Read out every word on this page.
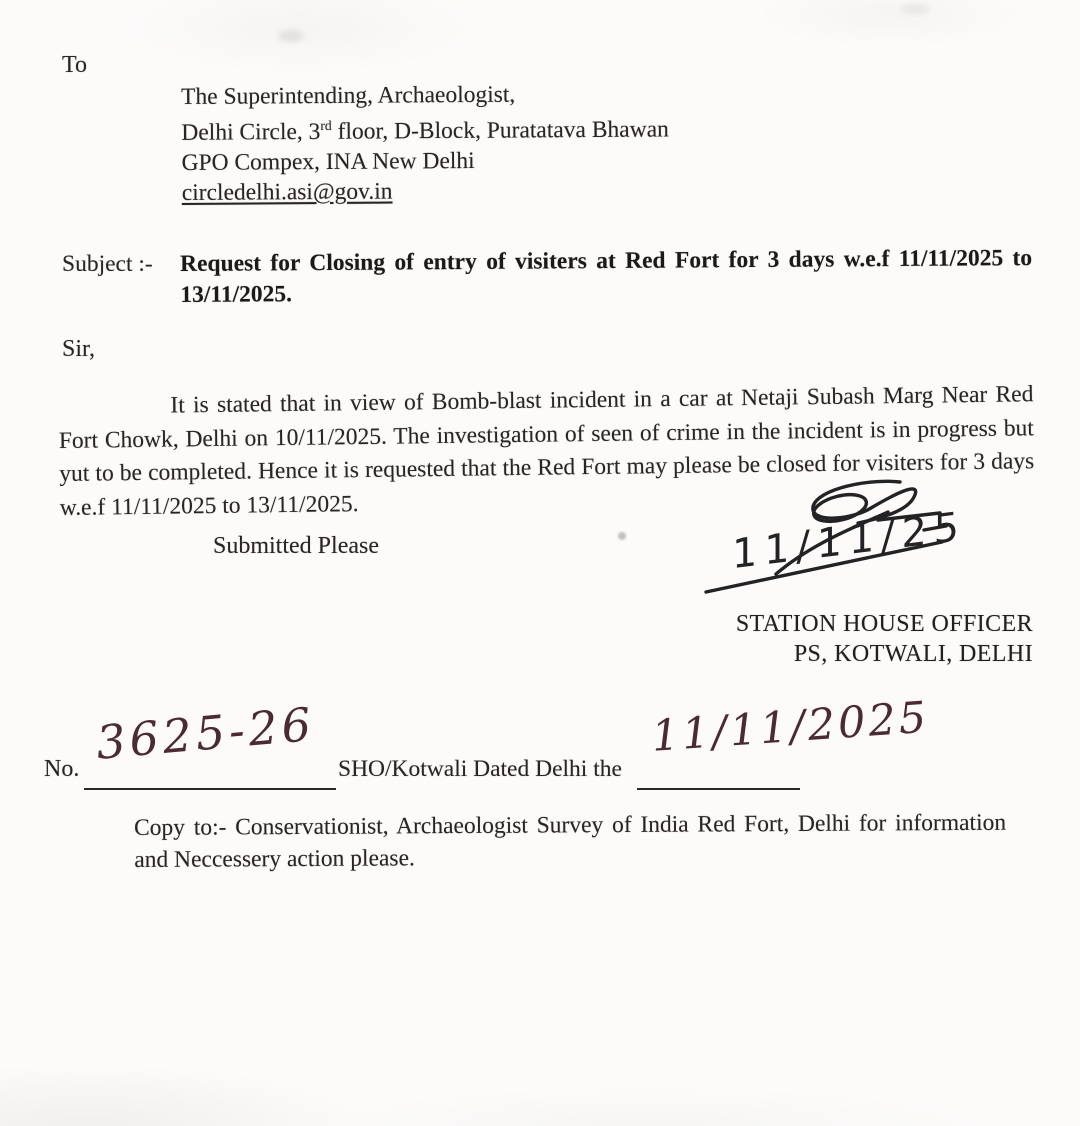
To
The Superintending, Archaeologist,
Delhi Circle, 3rd floor, D-Block, Puratatava Bhawan
GPO Compex, INA New Delhi
circledelhi.asi@gov.in
Subject :- Request for Closing of entry of visiters at Red Fort for 3 days w.e.f 11/11/2025 to 13/11/2025.
Sir,
It is stated that in view of Bomb-blast incident in a car at Netaji Subash Marg Near Red Fort Chowk, Delhi on 10/11/2025. The investigation of seen of crime in the incident is in progress but yut to be completed. Hence it is requested that the Red Fort may please be closed for visiters for 3 days w.e.f 11/11/2025 to 13/11/2025.
Submitted Please	11/11/25
STATION HOUSE OFFICER
PS, KOTWALI, DELHI
No. 3625-26 SHO/Kotwali Dated Delhi the
11/11/2025
Copy to:- Conservationist, Archaeologist Survey of India Red Fort, Delhi for information and Neccessery action please.
